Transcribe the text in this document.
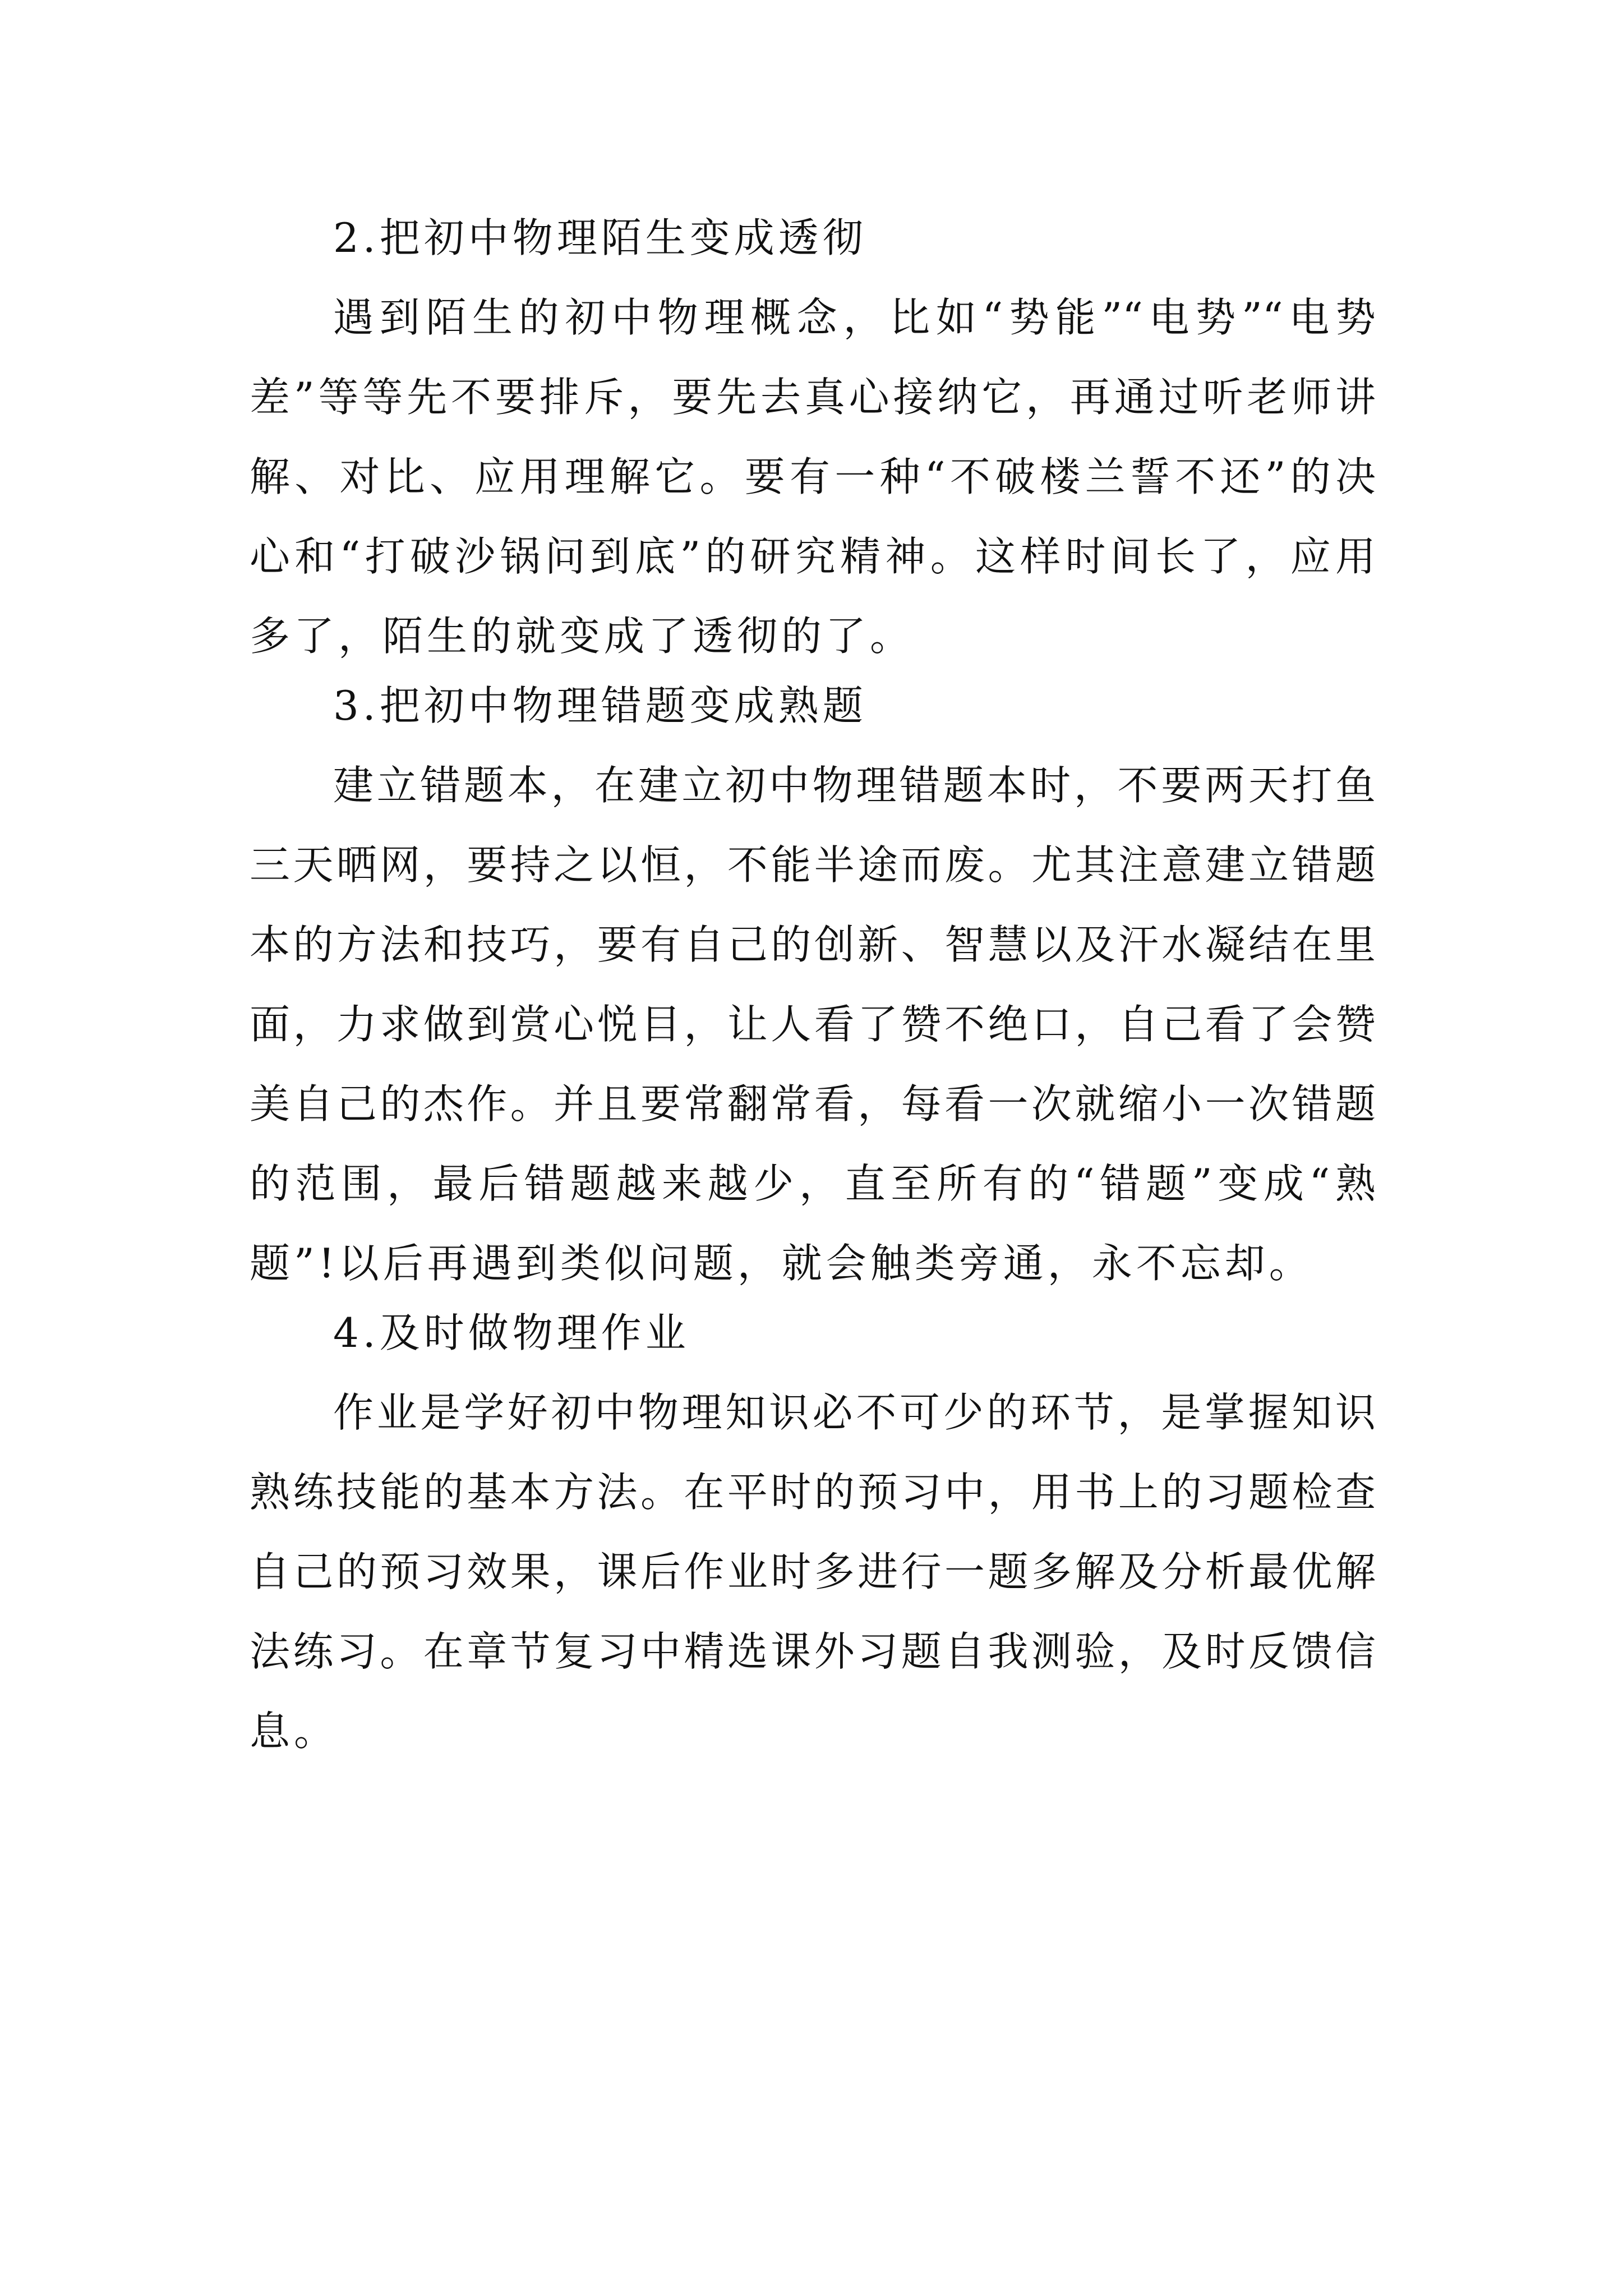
2.把初中物理陌生变成透彻

遇到陌生的初中物理概念，比如“势能”“电势”“电势

差”等等先不要排斥，要先去真心接纳它，再通过听老师讲

解、对比、应用理解它。要有一种“不破楼兰誓不还”的决

心和“打破沙锅问到底”的研究精神。这样时间长了，应用

多了，陌生的就变成了透彻的了。

3.把初中物理错题变成熟题

建立错题本，在建立初中物理错题本时，不要两天打鱼

三天晒网，要持之以恒，不能半途而废。尤其注意建立错题

本的方法和技巧，要有自己的创新、智慧以及汗水凝结在里

面，力求做到赏心悦目，让人看了赞不绝口，自己看了会赞

美自己的杰作。并且要常翻常看，每看一次就缩小一次错题

的范围，最后错题越来越少，直至所有的“错题”变成“熟

题”!以后再遇到类似问题，就会触类旁通，永不忘却。

4.及时做物理作业

作业是学好初中物理知识必不可少的环节，是掌握知识

熟练技能的基本方法。在平时的预习中，用书上的习题检查

自己的预习效果，课后作业时多进行一题多解及分析最优解

法练习。在章节复习中精选课外习题自我测验，及时反馈信

息。
